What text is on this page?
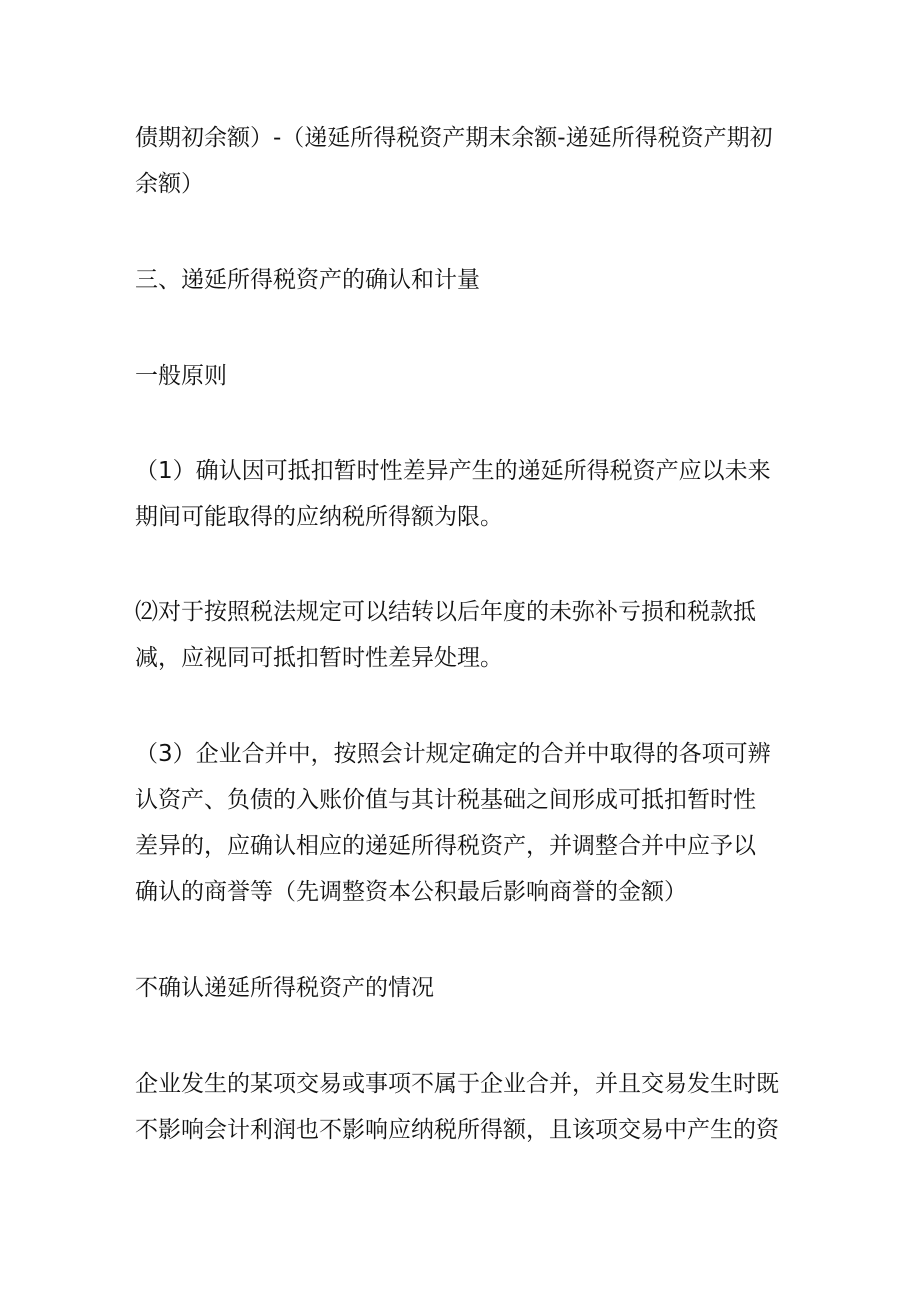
债期初余额）-（递延所得税资产期末余额-递延所得税资产期初
余额）

三、递延所得税资产的确认和计量

一般原则

（1）确认因可抵扣暂时性差异产生的递延所得税资产应以未来
期间可能取得的应纳税所得额为限。

⑵对于按照税法规定可以结转以后年度的未弥补亏损和税款抵
减，应视同可抵扣暂时性差异处理。

（3）企业合并中，按照会计规定确定的合并中取得的各项可辨
认资产、负债的入账价值与其计税基础之间形成可抵扣暂时性
差异的，应确认相应的递延所得税资产，并调整合并中应予以
确认的商誉等（先调整资本公积最后影响商誉的金额）

不确认递延所得税资产的情况

企业发生的某项交易或事项不属于企业合并，并且交易发生时既
不影响会计利润也不影响应纳税所得额，且该项交易中产生的资
